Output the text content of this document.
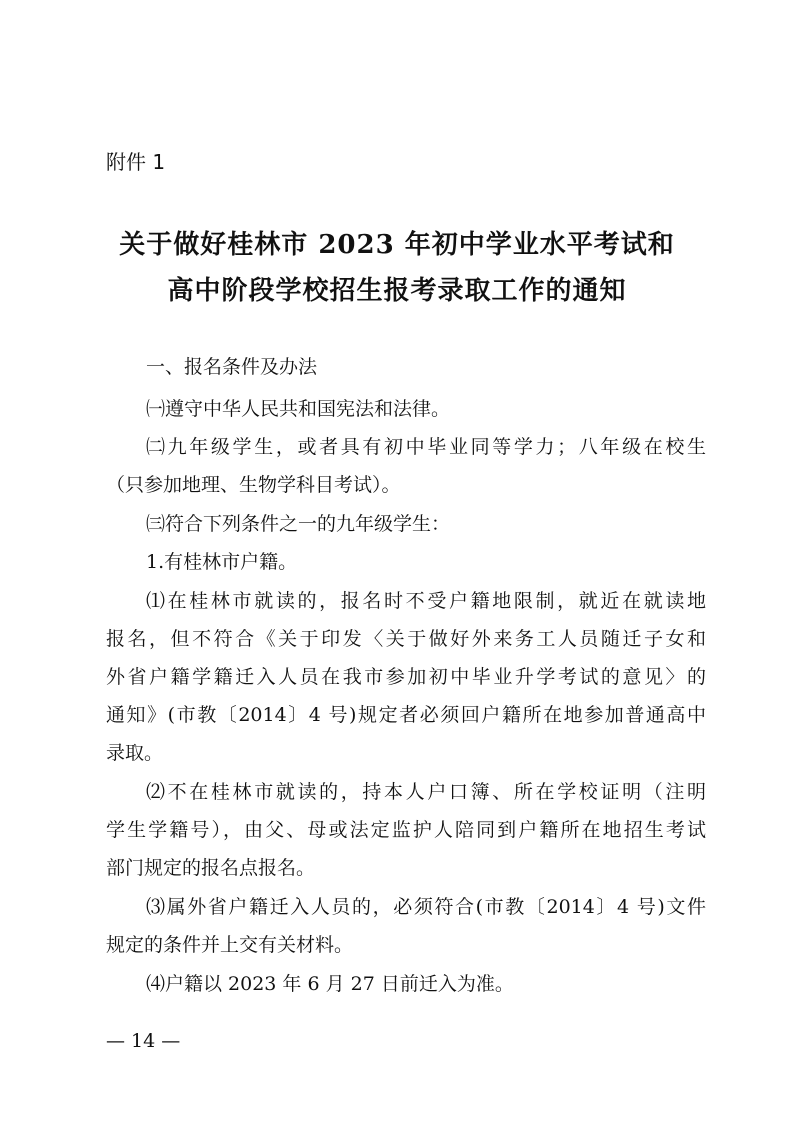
附件 1
关于做好桂林市 2023 年初中学业水平考试和
高中阶段学校招生报考录取工作的通知
一、报名条件及办法
㈠遵守中华人民共和国宪法和法律。
㈡九年级学生，或者具有初中毕业同等学力；八年级在校生
（只参加地理、生物学科目考试）。
㈢符合下列条件之一的九年级学生：
1.有桂林市户籍。
⑴在桂林市就读的，报名时不受户籍地限制，就近在就读地
报名，但不符合《关于印发〈关于做好外来务工人员随迁子女和
外省户籍学籍迁入人员在我市参加初中毕业升学考试的意见〉的
通知》(市教〔2014〕4 号)规定者必须回户籍所在地参加普通高中
录取。
⑵不在桂林市就读的，持本人户口簿、所在学校证明（注明
学生学籍号），由父、母或法定监护人陪同到户籍所在地招生考试
部门规定的报名点报名。
⑶属外省户籍迁入人员的，必须符合(市教〔2014〕4 号)文件
规定的条件并上交有关材料。
⑷户籍以 2023 年 6 月 27 日前迁入为准。
— 14 —
